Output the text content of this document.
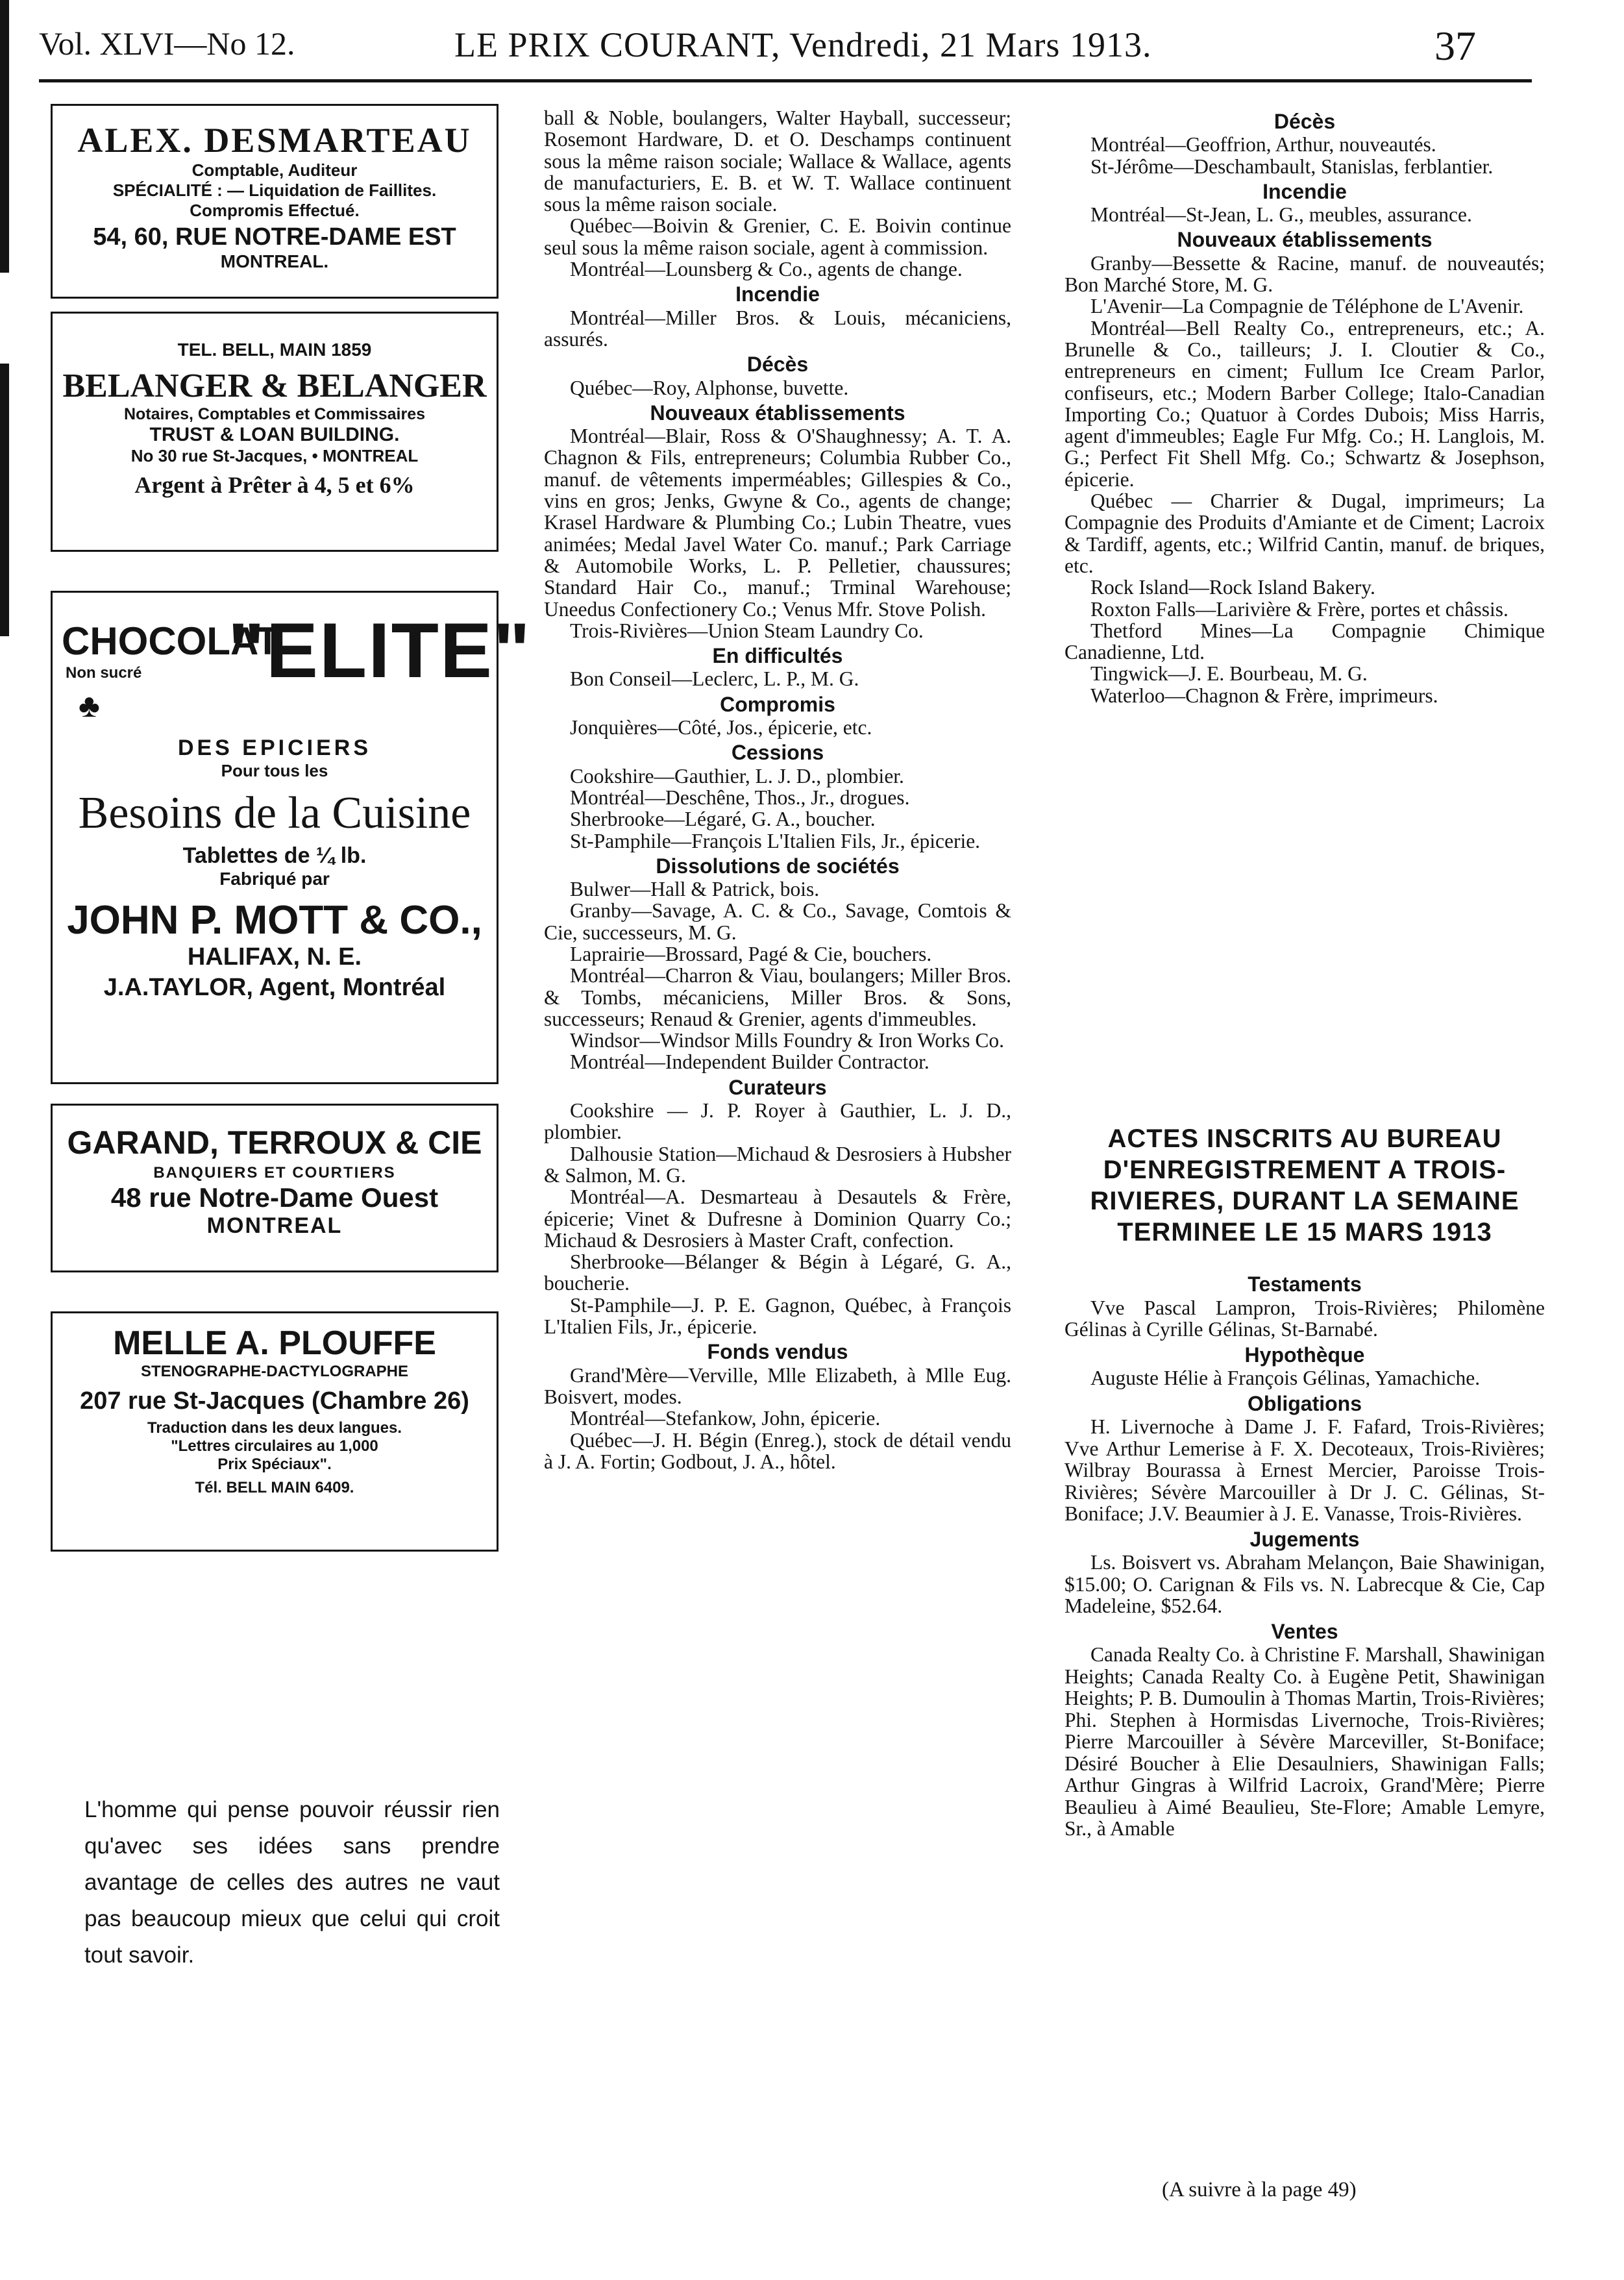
Vol. XLVI—No 12.	LE PRIX COURANT, Vendredi, 21 Mars 1913.	37
ALEX. DESMARTEAU
Comptable, Auditeur
SPÉCIALITÉ : — Liquidation de Faillites.
Compromis Effectué.
54, 60, RUE NOTRE-DAME EST
MONTREAL.
TEL. BELL, MAIN 1859
BELANGER & BELANGER
Notaires, Comptables et Commissaires
TRUST & LOAN BUILDING.
No 30 rue St-Jacques, • MONTREAL
Argent à Prêter à 4, 5 et 6%
CHOCOLAT
Non sucré
♣
"ELITE"
DES EPICIERS
Pour tous les
Besoins de la Cuisine
Tablettes de ¼ lb.
Fabriqué par
JOHN P. MOTT & CO.,
HALIFAX, N. E.
J.A.TAYLOR, Agent, Montréal
GARAND, TERROUX & CIE
BANQUIERS ET COURTIERS
48 rue Notre-Dame Ouest
MONTREAL
MELLE A. PLOUFFE
STENOGRAPHE-DACTYLOGRAPHE
207 rue St-Jacques (Chambre 26)
Traduction dans les deux langues.
"Lettres circulaires au 1,000
Prix Spéciaux".
Tél. BELL MAIN 6409.
L'homme qui pense pouvoir réussir rien qu'avec ses idées sans prendre avantage de celles des autres ne vaut pas beaucoup mieux que celui qui croit tout savoir.

ball & Noble, boulangers, Walter Hayball, successeur; Rosemont Hardware, D. et O. Deschamps continuent sous la même raison sociale; Wallace & Wallace, agents de manufacturiers, E. B. et W. T. Wallace continuent sous la même raison sociale.

Québec—Boivin & Grenier, C. E. Boivin continue seul sous la même raison sociale, agent à commission.

Montréal—Lounsberg & Co., agents de change.

Incendie

Montréal—Miller Bros. & Louis, mécaniciens, assurés.

Décès

Québec—Roy, Alphonse, buvette.

Nouveaux établissements

Montréal—Blair, Ross & O'Shaughnessy; A. T. A. Chagnon & Fils, entrepreneurs; Columbia Rubber Co., manuf. de vêtements imperméables; Gillespies & Co., vins en gros; Jenks, Gwyne & Co., agents de change; Krasel Hardware & Plumbing Co.; Lubin Theatre, vues animées; Medal Javel Water Co. manuf.; Park Carriage & Automobile Works, L. P. Pelletier, chaussures; Standard Hair Co., manuf.; Trminal Warehouse; Uneedus Confectionery Co.; Venus Mfr. Stove Polish.

Trois-Rivières—Union Steam Laundry Co.

En difficultés

Bon Conseil—Leclerc, L. P., M. G.

Compromis

Jonquières—Côté, Jos., épicerie, etc.

Cessions

Cookshire—Gauthier, L. J. D., plombier.

Montréal—Deschêne, Thos., Jr., drogues.

Sherbrooke—Légaré, G. A., boucher.

St-Pamphile—François L'Italien Fils, Jr., épicerie.

Dissolutions de sociétés

Bulwer—Hall & Patrick, bois.

Granby—Savage, A. C. & Co., Savage, Comtois & Cie, successeurs, M. G.

Laprairie—Brossard, Pagé & Cie, bouchers.

Montréal—Charron & Viau, boulangers; Miller Bros. & Tombs, mécaniciens, Miller Bros. & Sons, successeurs; Renaud & Grenier, agents d'immeubles.

Windsor—Windsor Mills Foundry & Iron Works Co.

Montréal—Independent Builder Contractor.

Curateurs

Cookshire — J. P. Royer à Gauthier, L. J. D., plombier.

Dalhousie Station—Michaud & Desrosiers à Hubsher & Salmon, M. G.

Montréal—A. Desmarteau à Desautels & Frère, épicerie; Vinet & Dufresne à Dominion Quarry Co.; Michaud & Desrosiers à Master Craft, confection.

Sherbrooke—Bélanger & Bégin à Légaré, G. A., boucherie.

St-Pamphile—J. P. E. Gagnon, Québec, à François L'Italien Fils, Jr., épicerie.

Fonds vendus

Grand'Mère—Verville, Mlle Elizabeth, à Mlle Eug. Boisvert, modes.

Montréal—Stefankow, John, épicerie.

Québec—J. H. Bégin (Enreg.), stock de détail vendu à J. A. Fortin; Godbout, J. A., hôtel.

Décès

Montréal—Geoffrion, Arthur, nouveautés.

St-Jérôme—Deschambault, Stanislas, ferblantier.

Incendie

Montréal—St-Jean, L. G., meubles, assurance.

Nouveaux établissements

Granby—Bessette & Racine, manuf. de nouveautés; Bon Marché Store, M. G.

L'Avenir—La Compagnie de Téléphone de L'Avenir.

Montréal—Bell Realty Co., entrepreneurs, etc.; A. Brunelle & Co., tailleurs; J. I. Cloutier & Co., entrepreneurs en ciment; Fullum Ice Cream Parlor, confiseurs, etc.; Modern Barber College; Italo-Canadian Importing Co.; Quatuor à Cordes Dubois; Miss Harris, agent d'immeubles; Eagle Fur Mfg. Co.; H. Langlois, M. G.; Perfect Fit Shell Mfg. Co.; Schwartz & Josephson, épicerie.

Québec — Charrier & Dugal, imprimeurs; La Compagnie des Produits d'Amiante et de Ciment; Lacroix & Tardiff, agents, etc.; Wilfrid Cantin, manuf. de briques, etc.

Rock Island—Rock Island Bakery.

Roxton Falls—Larivière & Frère, portes et châssis.

Thetford Mines—La Compagnie Chimique Canadienne, Ltd.

Tingwick—J. E. Bourbeau, M. G.

Waterloo—Chagnon & Frère, imprimeurs.

ACTES INSCRITS AU BUREAU D'ENREGISTREMENT A TROIS-RIVIERES, DURANT LA SEMAINE TERMINEE LE 15 MARS 1913
Testaments

Vve Pascal Lampron, Trois-Rivières; Philomène Gélinas à Cyrille Gélinas, St-Barnabé.

Hypothèque

Auguste Hélie à François Gélinas, Yamachiche.

Obligations

H. Livernoche à Dame J. F. Fafard, Trois-Rivières; Vve Arthur Lemerise à F. X. Decoteaux, Trois-Rivières; Wilbray Bourassa à Ernest Mercier, Paroisse Trois-Rivières; Sévère Marcouiller à Dr J. C. Gélinas, St-Boniface; J.V. Beaumier à J. E. Vanasse, Trois-Rivières.

Jugements

Ls. Boisvert vs. Abraham Melançon, Baie Shawinigan, $15.00; O. Carignan & Fils vs. N. Labrecque & Cie, Cap Madeleine, $52.64.

Ventes

Canada Realty Co. à Christine F. Marshall, Shawinigan Heights; Canada Realty Co. à Eugène Petit, Shawinigan Heights; P. B. Dumoulin à Thomas Martin, Trois-Rivières; Phi. Stephen à Hormisdas Livernoche, Trois-Rivières; Pierre Marcouiller à Sévère Marceviller, St-Boniface; Désiré Boucher à Elie Desaulniers, Shawinigan Falls; Arthur Gingras à Wilfrid Lacroix, Grand'Mère; Pierre Beaulieu à Aimé Beaulieu, Ste-Flore; Amable Lemyre, Sr., à Amable

(A suivre à la page 49)
